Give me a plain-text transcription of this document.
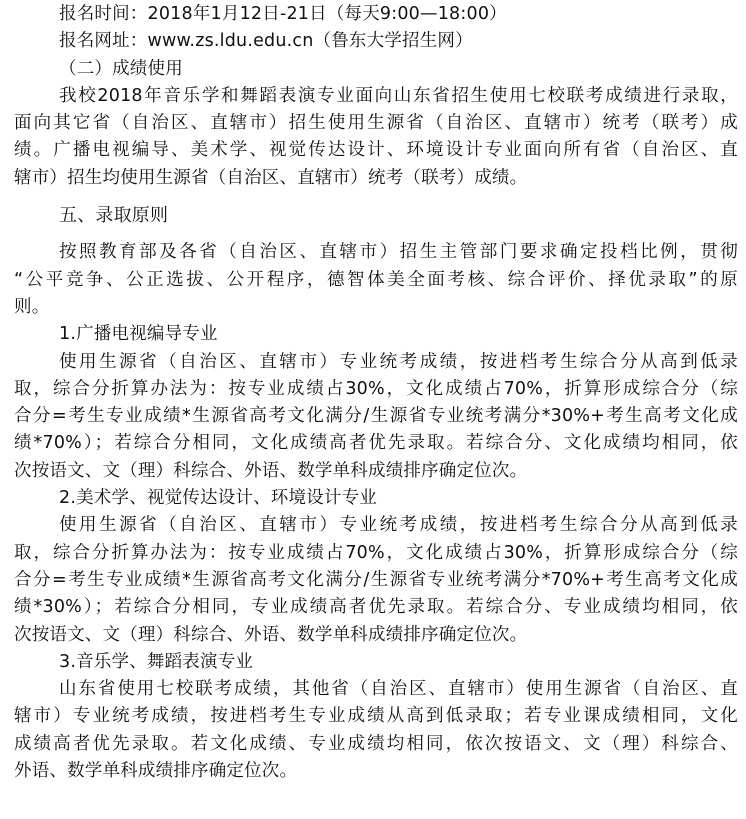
报名时间：2018年1月12日-21日（每天9:00—18:00）
报名网址：www.zs.ldu.edu.cn（鲁东大学招生网）
（二）成绩使用
我校2018年音乐学和舞蹈表演专业面向山东省招生使用七校联考成绩进行录取，
面向其它省（自治区、直辖市）招生使用生源省（自治区、直辖市）统考（联考）成
绩。广播电视编导、美术学、视觉传达设计、环境设计专业面向所有省（自治区、直
辖市）招生均使用生源省（自治区、直辖市）统考（联考）成绩。
五、录取原则
按照教育部及各省（自治区、直辖市）招生主管部门要求确定投档比例，贯彻
“公平竞争、公正选拔、公开程序，德智体美全面考核、综合评价、择优录取”的原
则。
1.广播电视编导专业
使用生源省（自治区、直辖市）专业统考成绩，按进档考生综合分从高到低录
取，综合分折算办法为：按专业成绩占30%，文化成绩占70%，折算形成综合分（综
合分=考生专业成绩*生源省高考文化满分/生源省专业统考满分*30%+考生高考文化成
绩*70%）；若综合分相同，文化成绩高者优先录取。若综合分、文化成绩均相同，依
次按语文、文（理）科综合、外语、数学单科成绩排序确定位次。
2.美术学、视觉传达设计、环境设计专业
使用生源省（自治区、直辖市）专业统考成绩，按进档考生综合分从高到低录
取，综合分折算办法为：按专业成绩占70%，文化成绩占30%，折算形成综合分（综
合分=考生专业成绩*生源省高考文化满分/生源省专业统考满分*70%+考生高考文化成
绩*30%）；若综合分相同，专业成绩高者优先录取。若综合分、专业成绩均相同，依
次按语文、文（理）科综合、外语、数学单科成绩排序确定位次。
3.音乐学、舞蹈表演专业
山东省使用七校联考成绩，其他省（自治区、直辖市）使用生源省（自治区、直
辖市）专业统考成绩，按进档考生专业成绩从高到低录取；若专业课成绩相同，文化
成绩高者优先录取。若文化成绩、专业成绩均相同，依次按语文、文（理）科综合、
外语、数学单科成绩排序确定位次。
